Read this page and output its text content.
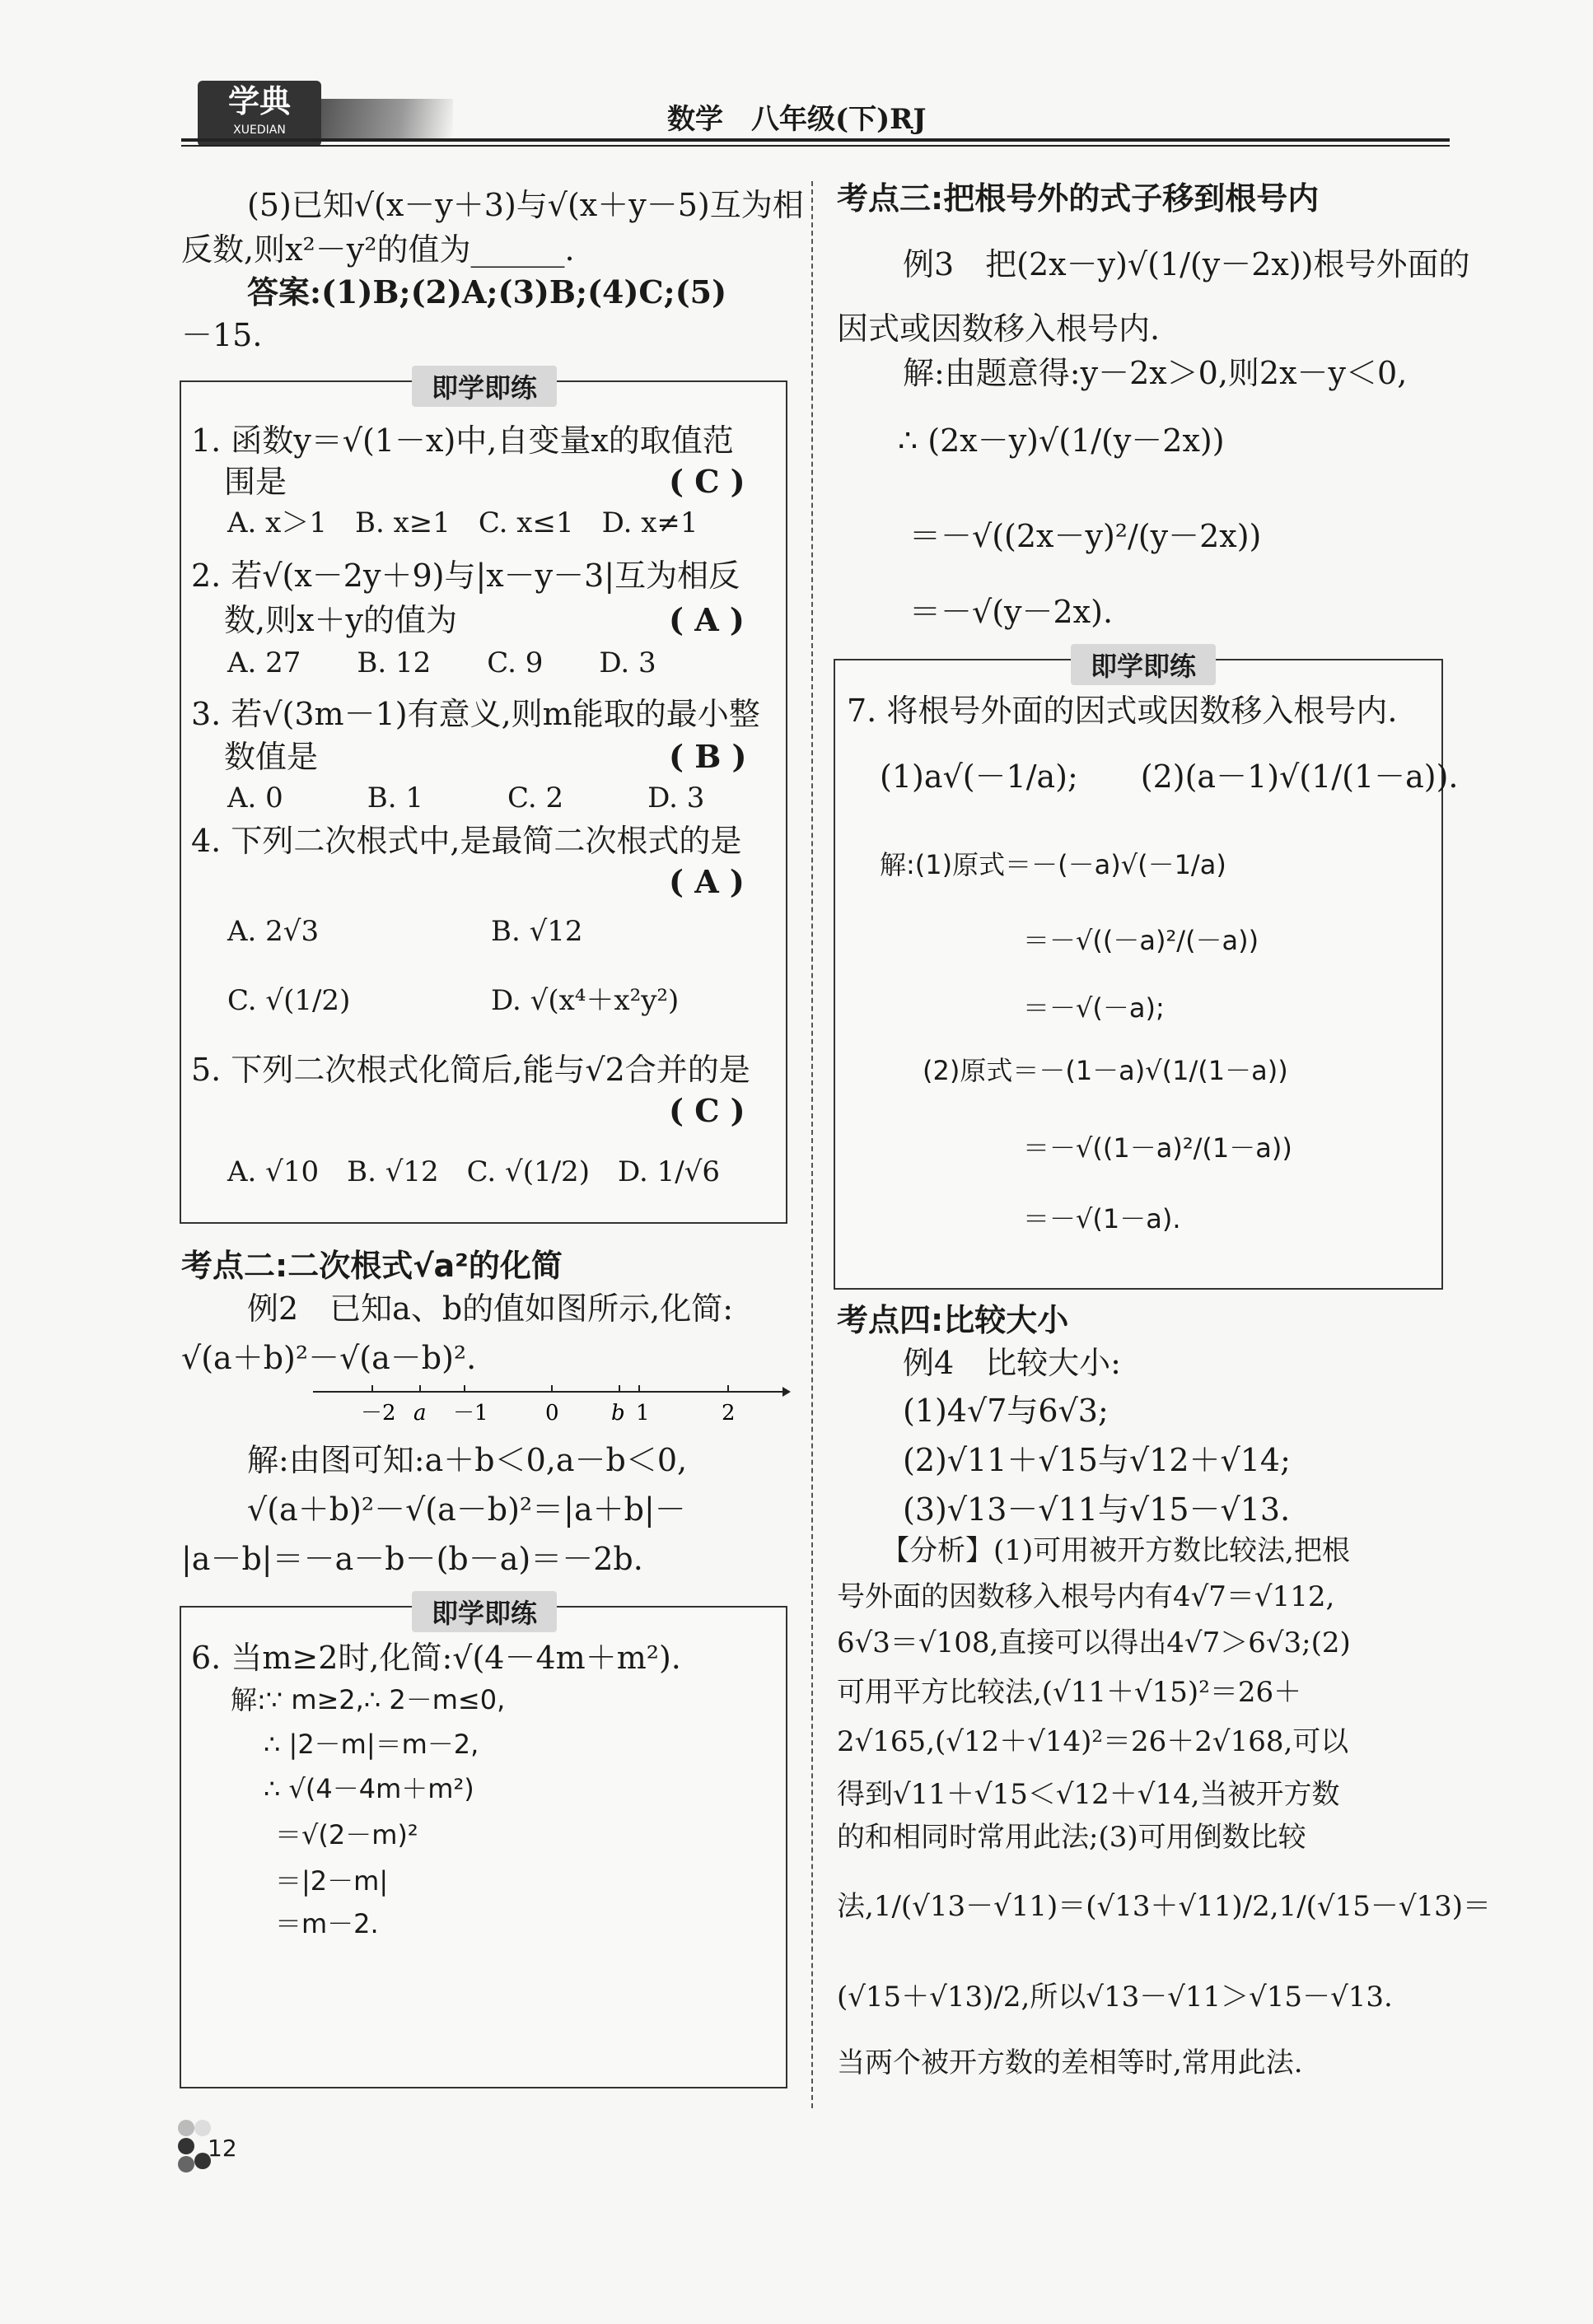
学典
XUEDIAN	数学　八年级(下)RJ
(5)已知√(x－y＋3)与√(x＋y－5)互为相
反数,则x²－y²的值为______.
答案:(1)B;(2)A;(3)B;(4)C;(5)
－15.
即学即练
1. 函数y＝√(1－x)中,自变量x的取值范
围是	( C )
A. x＞1　B. x≥1　C. x≤1　D. x≠1
2. 若√(x－2y＋9)与|x－y－3|互为相反
数,则x＋y的值为	( A )
A. 27　　B. 12　　C. 9　　D. 3
3. 若√(3m－1)有意义,则m能取的最小整
数值是	( B )
A. 0　　　B. 1　　　C. 2　　　D. 3
4. 下列二次根式中,是最简二次根式的是
( A )
A. 2√3	B. √12
C. √(1/2)	D. √(x⁴＋x²y²)
5. 下列二次根式化简后,能与√2合并的是
( C )
A. √10　B. √12　C. √(1/2)　D. 1/√6
考点二:二次根式√a²的化简
例2　已知a、b的值如图所示,化简:
√(a＋b)²－√(a－b)².
－2 a －1	0 b 1	2
解:由图可知:a＋b＜0,a－b＜0,
√(a＋b)²－√(a－b)²＝|a＋b|－
|a－b|＝－a－b－(b－a)＝－2b.
即学即练
6. 当m≥2时,化简:√(4－4m＋m²).
解:∵ m≥2,∴ 2－m≤0,
∴ |2－m|＝m－2,
∴ √(4－4m＋m²)
＝√(2－m)²
＝|2－m|
＝m－2.
考点三:把根号外的式子移到根号内
例3　把(2x－y)√(1/(y－2x))根号外面的
因式或因数移入根号内.
解:由题意得:y－2x＞0,则2x－y＜0,
∴ (2x－y)√(1/(y－2x))
＝－√((2x－y)²/(y－2x))
＝－√(y－2x).
即学即练
7. 将根号外面的因式或因数移入根号内.
(1)a√(－1/a);　　(2)(a－1)√(1/(1－a)).
解:(1)原式＝－(－a)√(－1/a)
＝－√((－a)²/(－a))
＝－√(－a);
(2)原式＝－(1－a)√(1/(1－a))
＝－√((1－a)²/(1－a))
＝－√(1－a).
考点四:比较大小
例4　比较大小:
(1)4√7与6√3;
(2)√11＋√15与√12＋√14;
(3)√13－√11与√15－√13.
【分析】(1)可用被开方数比较法,把根
号外面的因数移入根号内有4√7＝√112,
6√3＝√108,直接可以得出4√7＞6√3;(2)
可用平方比较法,(√11＋√15)²＝26＋
2√165,(√12＋√14)²＝26＋2√168,可以
得到√11＋√15＜√12＋√14,当被开方数
的和相同时常用此法;(3)可用倒数比较
法,1/(√13－√11)＝(√13＋√11)/2,1/(√15－√13)＝
(√15＋√13)/2,所以√13－√11＞√15－√13.
当两个被开方数的差相等时,常用此法.
12
